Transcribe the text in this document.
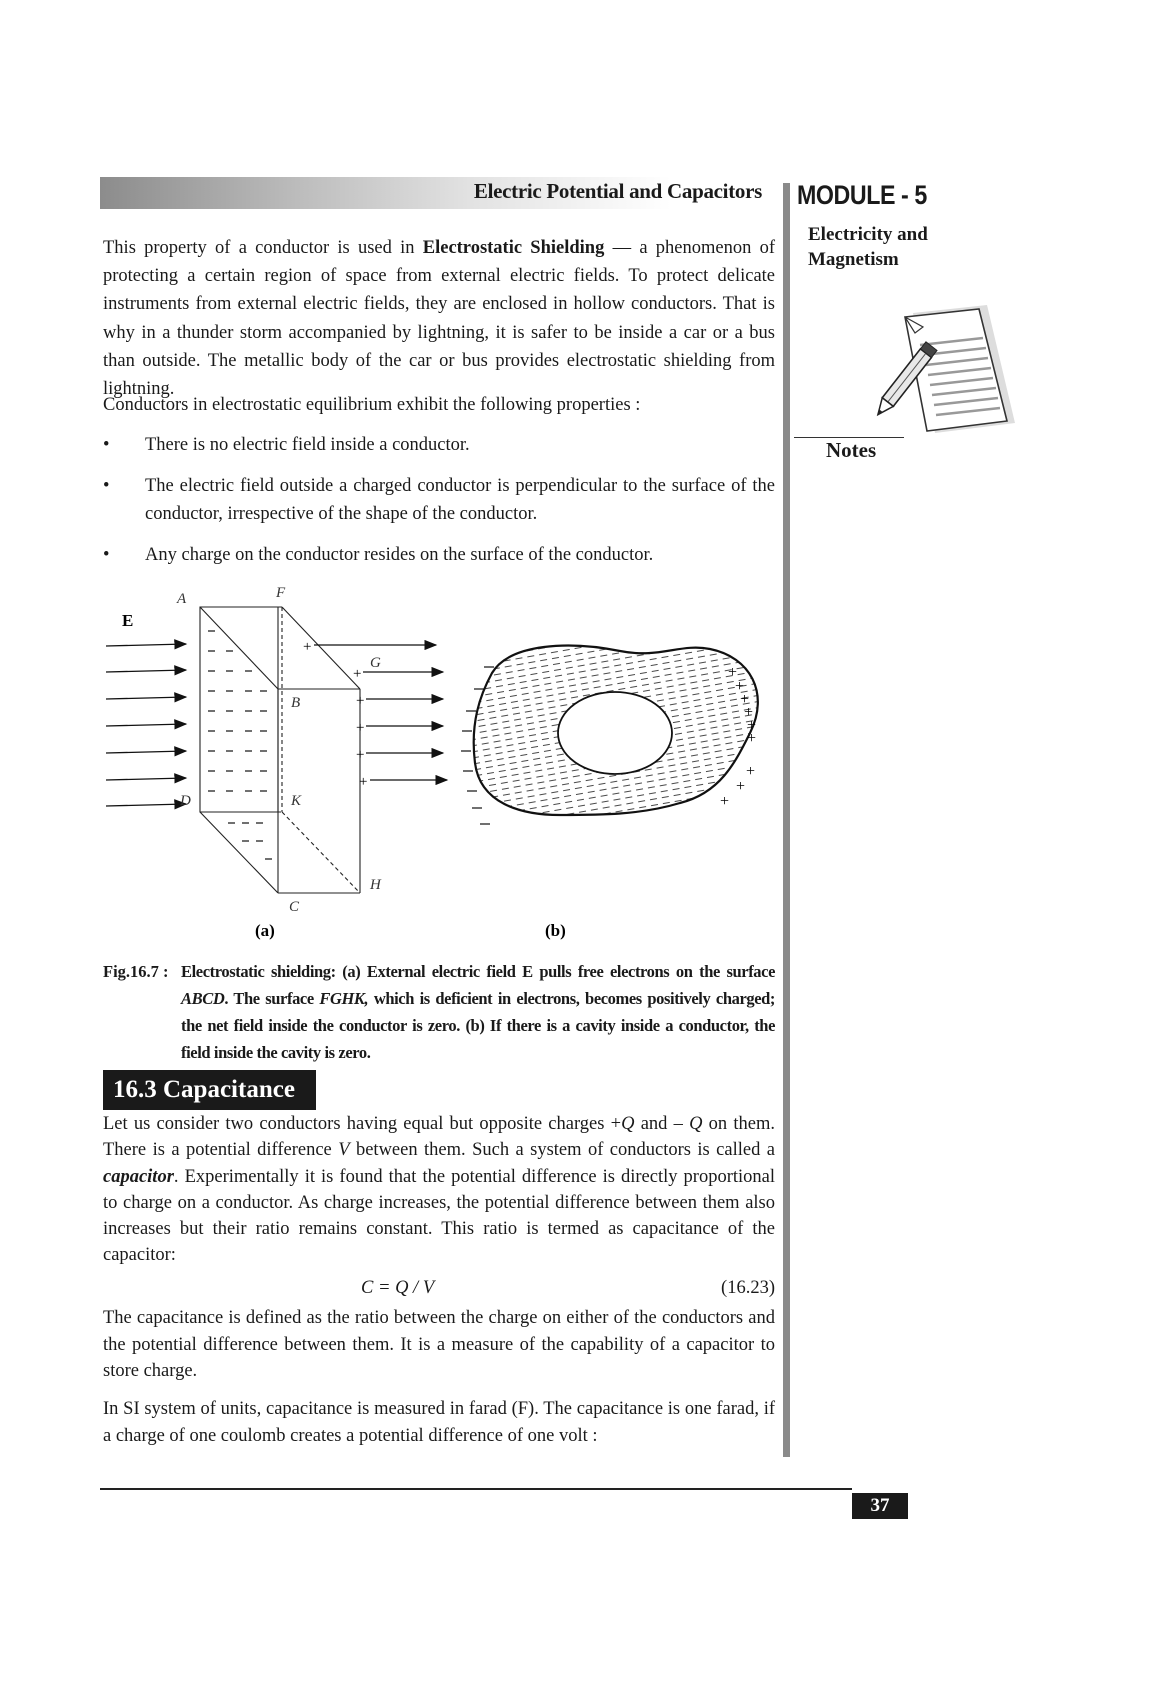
Electric Potential and Capacitors MODULE - 5
Electricity and
Magnetism
Notes

This property of a conductor is used in Electrostatic Shielding — a phenomenon of protecting a certain region of space from external electric fields. To protect delicate instruments from external electric fields, they are enclosed in hollow conductors. That is why in a thunder storm accompanied by lightning, it is safer to be inside a car or a bus than outside. The metallic body of the car or bus provides electrostatic shielding from lightning.

Conductors in electrostatic equilibrium exhibit the following properties :

• There is no electric field inside a conductor.
• The electric field outside a charged conductor is perpendicular to the surface of the conductor, irrespective of the shape of the conductor.
• Any charge on the conductor resides on the surface of the conductor.
E
+
+
+
+
+
+
A	F
G
B
D	K
H
C
(a)
+
+
+
+
+
+
+
+
+
(b)
Fig.16.7 : Electrostatic shielding: (a) External electric field E pulls free electrons on the surface ABCD. The surface FGHK, which is deficient in electrons, becomes positively charged; the net field inside the conductor is zero. (b) If there is a cavity inside a conductor, the field inside the cavity is zero.
16.3 Capacitance

Let us consider two conductors having equal but opposite charges +Q and – Q on them. There is a potential difference V between them. Such a system of conductors is called a capacitor. Experimentally it is found that the potential difference is directly proportional to charge on a conductor. As charge increases, the potential difference between them also increases but their ratio remains constant. This ratio is termed as capacitance of the capacitor:

C = Q / V	(16.23)

The capacitance is defined as the ratio between the charge on either of the conductors and the potential difference between them. It is a measure of the capability of a capacitor to store charge.

In SI system of units, capacitance is measured in farad (F). The capacitance is one farad, if a charge of one coulomb creates a potential difference of one volt :

37
